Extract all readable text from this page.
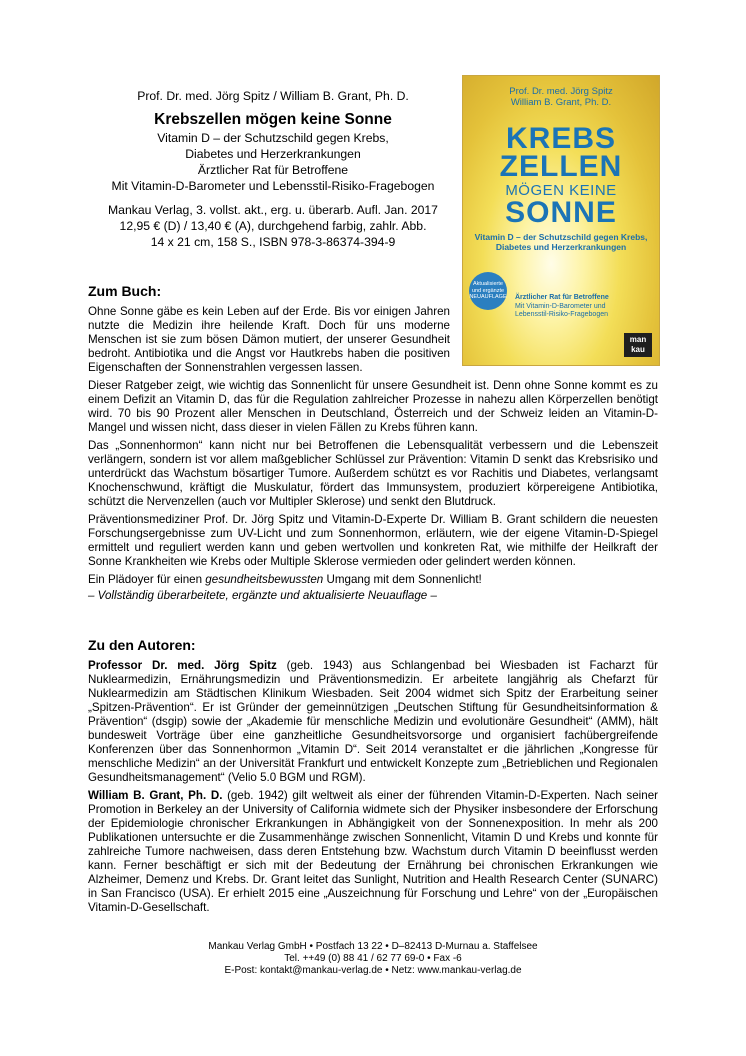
Prof. Dr. med. Jörg Spitz / William B. Grant, Ph. D.
Krebszellen mögen keine Sonne
Vitamin D – der Schutzschild gegen Krebs,
Diabetes und Herzerkrankungen
Ärztlicher Rat für Betroffene
Mit Vitamin-D-Barometer und Lebensstil-Risiko-Fragebogen
Mankau Verlag, 3. vollst. akt., erg. u. überarb. Aufl. Jan. 2017
12,95 € (D) / 13,40 € (A), durchgehend farbig, zahlr. Abb.
14 x 21 cm, 158 S., ISBN 978-3-86374-394-9
Zum Buch:

Ohne Sonne gäbe es kein Leben auf der Erde. Bis vor einigen Jahren nutzte die Medizin ihre heilende Kraft. Doch für uns moderne Menschen ist sie zum bösen Dämon mutiert, der unserer Gesundheit bedroht. Antibiotika und die Angst vor Hautkrebs haben die positiven Eigenschaften der Sonnenstrahlen vergessen lassen.

Dieser Ratgeber zeigt, wie wichtig das Sonnenlicht für unsere Gesundheit ist. Denn ohne Sonne kommt es zu einem Defizit an Vitamin D, das für die Regulation zahlreicher Prozesse in nahezu allen Körperzellen benötigt wird. 70 bis 90 Prozent aller Menschen in Deutschland, Österreich und der Schweiz leiden an Vitamin-D-Mangel und wissen nicht, dass dieser in vielen Fällen zu Krebs führen kann.

Das „Sonnenhormon“ kann nicht nur bei Betroffenen die Lebensqualität verbessern und die Lebenszeit verlängern, sondern ist vor allem maßgeblicher Schlüssel zur Prävention: Vitamin D senkt das Krebsrisiko und unterdrückt das Wachstum bösartiger Tumore. Außerdem schützt es vor Rachitis und Diabetes, verlangsamt Knochenschwund, kräftigt die Muskulatur, fördert das Immunsystem, produziert körpereigene Antibiotika, schützt die Nervenzellen (auch vor Multipler Sklerose) und senkt den Blutdruck.

Präventionsmediziner Prof. Dr. Jörg Spitz und Vitamin-D-Experte Dr. William B. Grant schildern die neuesten Forschungsergebnisse zum UV-Licht und zum Sonnenhormon, erläutern, wie der eigene Vitamin-D-Spiegel ermittelt und reguliert werden kann und geben wertvollen und konkreten Rat, wie mithilfe der Heilkraft der Sonne Krankheiten wie Krebs oder Multiple Sklerose vermieden oder gelindert werden können.

Ein Plädoyer für einen gesundheitsbewussten Umgang mit dem Sonnenlicht!

– Vollständig überarbeitete, ergänzte und aktualisierte Neuauflage –

Zu den Autoren:

Professor Dr. med. Jörg Spitz (geb. 1943) aus Schlangenbad bei Wiesbaden ist Facharzt für Nuklearmedizin, Ernährungsmedizin und Präventionsmedizin. Er arbeitete langjährig als Chefarzt für Nuklearmedizin am Städtischen Klinikum Wiesbaden. Seit 2004 widmet sich Spitz der Erarbeitung seiner „Spitzen-Prävention“. Er ist Gründer der gemeinnützigen „Deutschen Stiftung für Gesundheitsinformation & Prävention“ (dsgip) sowie der „Akademie für menschliche Medizin und evolutionäre Gesundheit“ (AMM), hält bundesweit Vorträge über eine ganzheitliche Gesundheitsvorsorge und organisiert fachübergreifende Konferenzen über das Sonnenhormon „Vitamin D“. Seit 2014 veranstaltet er die jährlichen „Kongresse für menschliche Medizin“ an der Universität Frankfurt und entwickelt Konzepte zum „Betrieblichen und Regionalen Gesundheitsmanagement“ (Velio 5.0 BGM und RGM).

William B. Grant, Ph. D. (geb. 1942) gilt weltweit als einer der führenden Vitamin-D-Experten. Nach seiner Promotion in Berkeley an der University of California widmete sich der Physiker insbesondere der Erforschung der Epidemiologie chronischer Erkrankungen in Abhängigkeit von der Sonnenexposition. In mehr als 200 Publikationen untersuchte er die Zusammenhänge zwischen Sonnenlicht, Vitamin D und Krebs und konnte für zahlreiche Tumore nachweisen, dass deren Entstehung bzw. Wachstum durch Vitamin D beeinflusst werden kann. Ferner beschäftigt er sich mit der Bedeutung der Ernährung bei chronischen Erkrankungen wie Alzheimer, Demenz und Krebs. Dr. Grant leitet das Sunlight, Nutrition and Health Research Center (SUNARC) in San Francisco (USA). Er erhielt 2015 eine „Auszeichnung für Forschung und Lehre“ von der „Europäischen Vitamin-D-Gesellschaft.

Mankau Verlag GmbH • Postfach 13 22 • D–82413 D-Murnau a. Staffelsee
Tel. ++49 (0) 88 41 / 62 77 69-0 • Fax -6
E-Post: kontakt@mankau-verlag.de • Netz: www.mankau-verlag.de
Prof. Dr. med. Jörg Spitz
William B. Grant, Ph. D.
KREBS
ZELLEN
MÖGEN KEINE
SONNE
Vitamin D – der Schutzschild gegen Krebs,
Diabetes und Herzerkrankungen
Aktualisierte und ergänzte NEUAUFLAGE Ärztlicher Rat für Betroffene
Mit Vitamin-D-Barometer und
Lebensstil-Risiko-Fragebogen
man kau
